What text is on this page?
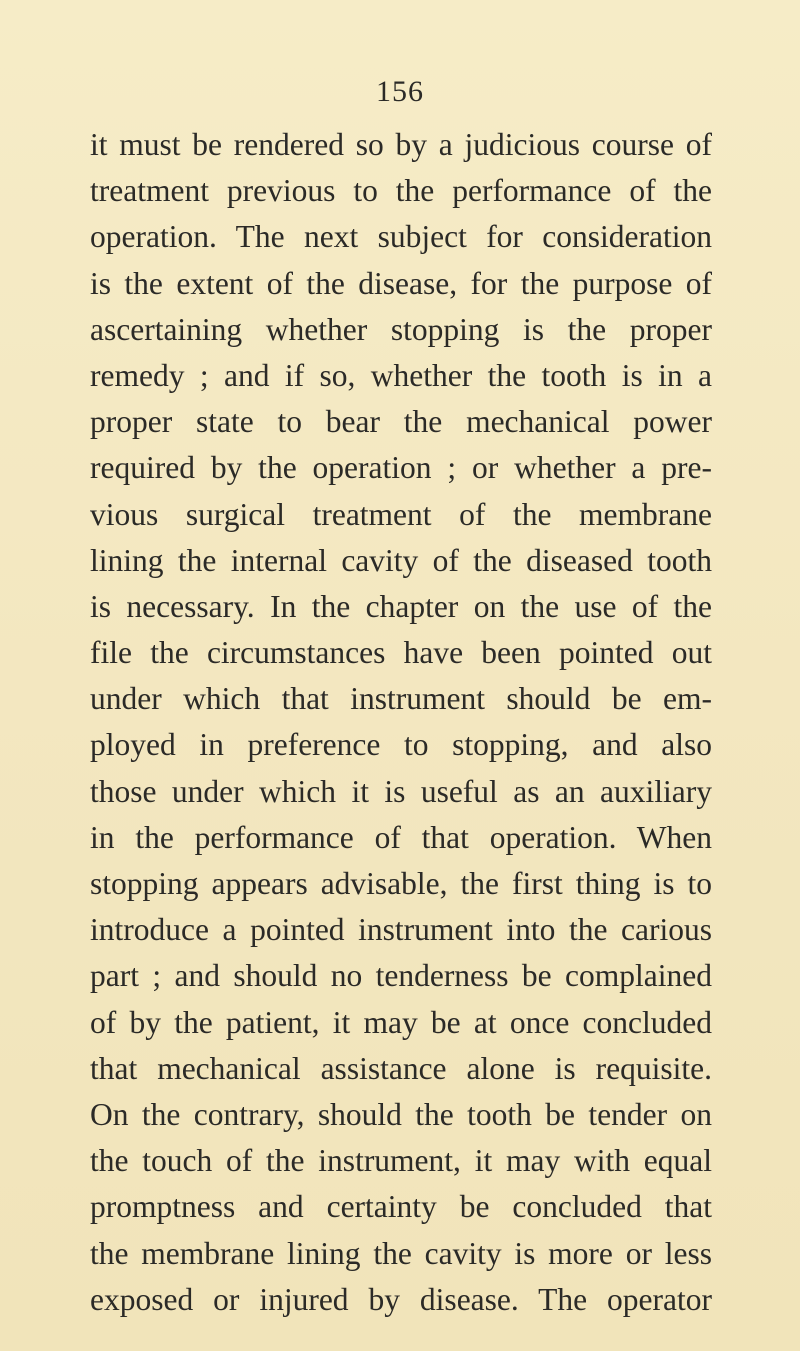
156
it must be rendered so by a judicious course of
treatment previous to the performance of the
operation. The next subject for consideration
is the extent of the disease, for the purpose of
ascertaining whether stopping is the proper
remedy ; and if so, whether the tooth is in a
proper state to bear the mechanical power
required by the operation ; or whether a pre-
vious surgical treatment of the membrane
lining the internal cavity of the diseased tooth
is necessary. In the chapter on the use of the
file the circumstances have been pointed out
under which that instrument should be em-
ployed in preference to stopping, and also
those under which it is useful as an auxiliary
in the performance of that operation. When
stopping appears advisable, the first thing is to
introduce a pointed instrument into the carious
part ; and should no tenderness be complained
of by the patient, it may be at once concluded
that mechanical assistance alone is requisite.
On the contrary, should the tooth be tender on
the touch of the instrument, it may with equal
promptness and certainty be concluded that
the membrane lining the cavity is more or less
exposed or injured by disease. The operator
